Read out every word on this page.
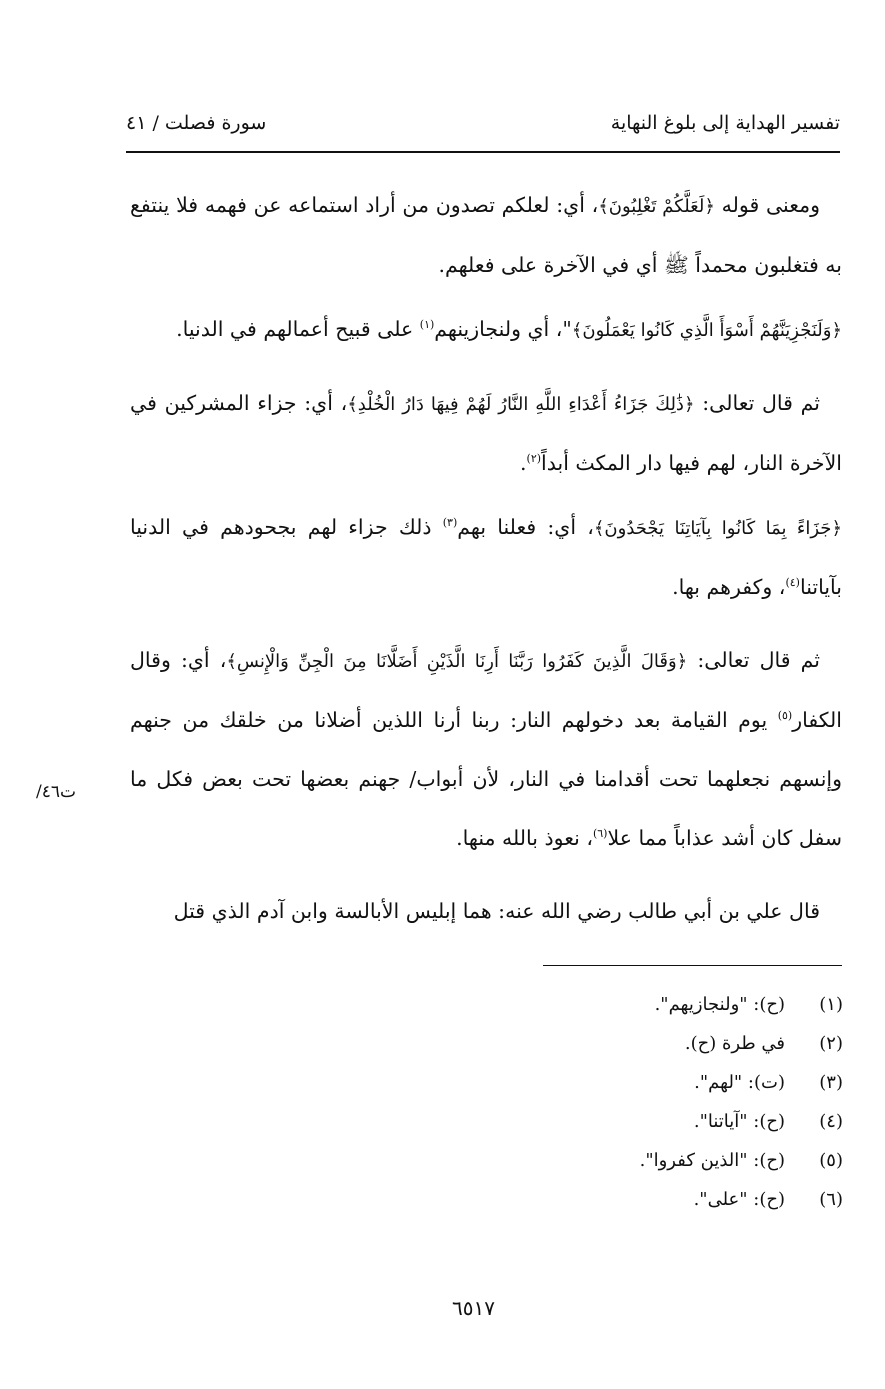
تفسير الهداية إلى بلوغ النهاية
سورة فصلت / ٤١
ت٤٦/

ومعنى قوله ﴿لَعَلَّكُمْ تَغْلِبُونَ﴾، أي: لعلكم تصدون من أراد استماعه عن فهمه فلا ينتفع به فتغلبون محمداً ﷺ أي في الآخرة على فعلهم.

﴿وَلَنَجْزِيَنَّهُمْ أَسْوَأَ الَّذِي كَانُوا يَعْمَلُونَ﴾"، أي ولنجازينهم$^{(١)}$ على قبيح أعمالهم في الدنيا.

ثم قال تعالى: ﴿ذَٰلِكَ جَزَاءُ أَعْدَاءِ اللَّهِ النَّارُ لَهُمْ فِيهَا دَارُ الْخُلْدِ﴾، أي: جزاء المشركين في الآخرة النار، لهم فيها دار المكث أبداً$^{(٢)}$.

﴿جَزَاءً بِمَا كَانُوا بِآيَاتِنَا يَجْحَدُونَ﴾، أي: فعلنا بهم$^{(٣)}$ ذلك جزاء لهم بجحودهم في الدنيا بآياتنا$^{(٤)}$، وكفرهم بها.

ثم قال تعالى: ﴿وَقَالَ الَّذِينَ كَفَرُوا رَبَّنَا أَرِنَا الَّذَيْنِ أَضَلَّانَا مِنَ الْجِنِّ وَالْإِنسِ﴾، أي: وقال الكفار$^{(٥)}$ يوم القيامة بعد دخولهم النار: ربنا أرنا اللذين أضلانا من خلقك من جنهم وإنسهم نجعلهما تحت أقدامنا في النار، لأن أبواب/ جهنم بعضها تحت بعض فكل ما سفل كان أشد عذاباً مما علا$^{(٦)}$، نعوذ بالله منها.

قال علي بن أبي طالب رضي الله عنه: هما إبليس الأبالسة وابن آدم الذي قتل

(١)(ح): "ولنجازيهم".
(٢)في طرة (ح).
(٣)(ت): "لهم".
(٤)(ح): "آياتنا".
(٥)(ح): "الذين كفروا".
(٦)(ح): "على".
٦٥١٧
